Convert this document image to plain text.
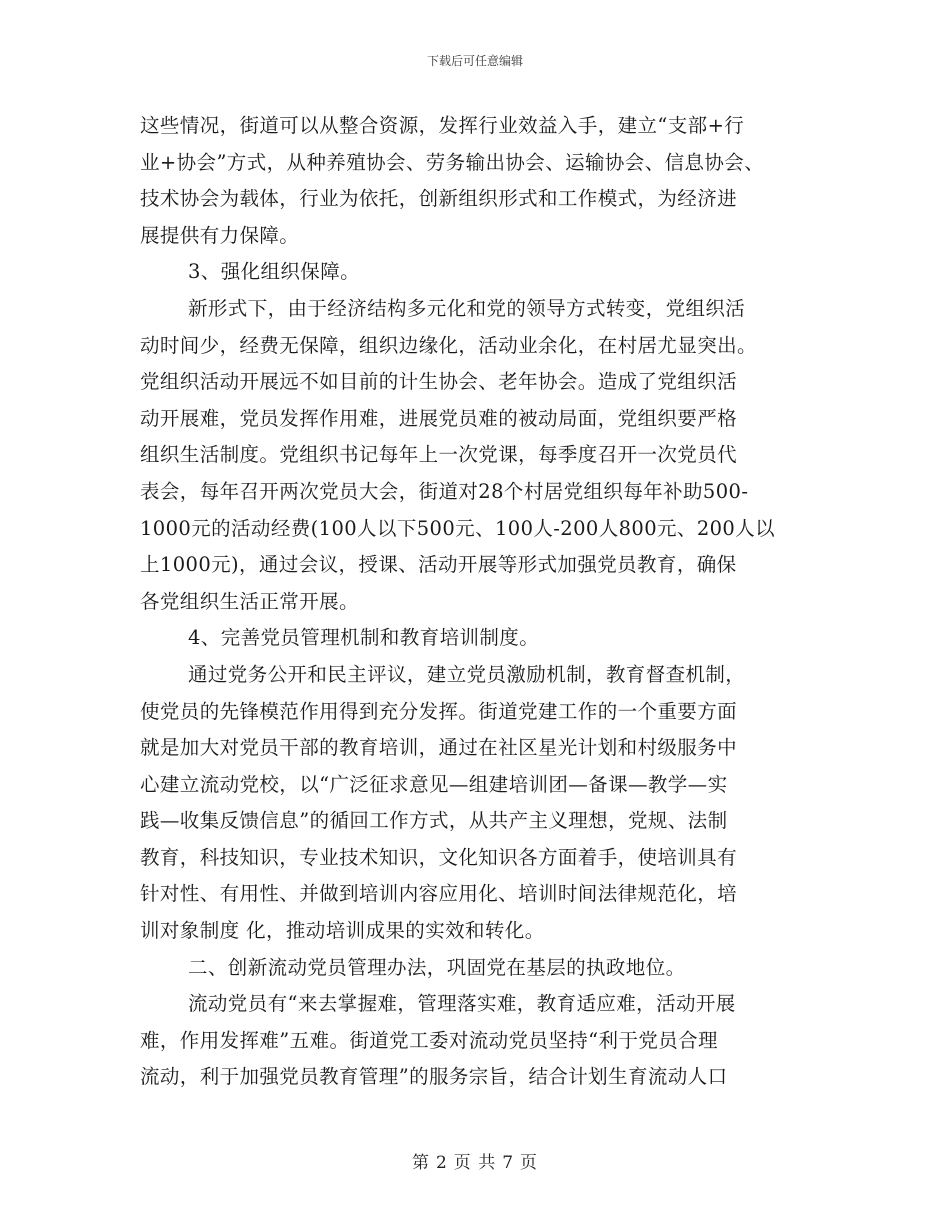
下载后可任意编辑
这些情况，街道可以从整合资源，发挥行业效益入手，建立“支部+行
业+协会”方式，从种养殖协会、劳务输出协会、运输协会、信息协会、
技术协会为载体，行业为依托，创新组织形式和工作模式，为经济进
展提供有力保障。
3、强化组织保障。
新形式下，由于经济结构多元化和党的领导方式转变，党组织活
动时间少，经费无保障，组织边缘化，活动业余化，在村居尤显突出。
党组织活动开展远不如目前的计生协会、老年协会。造成了党组织活
动开展难，党员发挥作用难，进展党员难的被动局面，党组织要严格
组织生活制度。党组织书记每年上一次党课，每季度召开一次党员代
表会，每年召开两次党员大会，街道对28个村居党组织每年补助500-
1000元的活动经费(100人以下500元、100人-200人800元、200人以
上1000元)，通过会议，授课、活动开展等形式加强党员教育，确保
各党组织生活正常开展。
4、完善党员管理机制和教育培训制度。
通过党务公开和民主评议，建立党员激励机制，教育督查机制，
使党员的先锋模范作用得到充分发挥。街道党建工作的一个重要方面
就是加大对党员干部的教育培训，通过在社区星光计划和村级服务中
心建立流动党校，以“广泛征求意见—组建培训团—备课—教学—实
践—收集反馈信息”的循回工作方式，从共产主义理想，党规、法制
教育，科技知识，专业技术知识，文化知识各方面着手，使培训具有
针对性、有用性、并做到培训内容应用化、培训时间法律规范化，培
训对象制度 化，推动培训成果的实效和转化。
二、创新流动党员管理办法，巩固党在基层的执政地位。
流动党员有“来去掌握难，管理落实难，教育适应难，活动开展
难，作用发挥难”五难。街道党工委对流动党员坚持“利于党员合理
流动，利于加强党员教育管理”的服务宗旨，结合计划生育流动人口
第 2 页 共 7 页
